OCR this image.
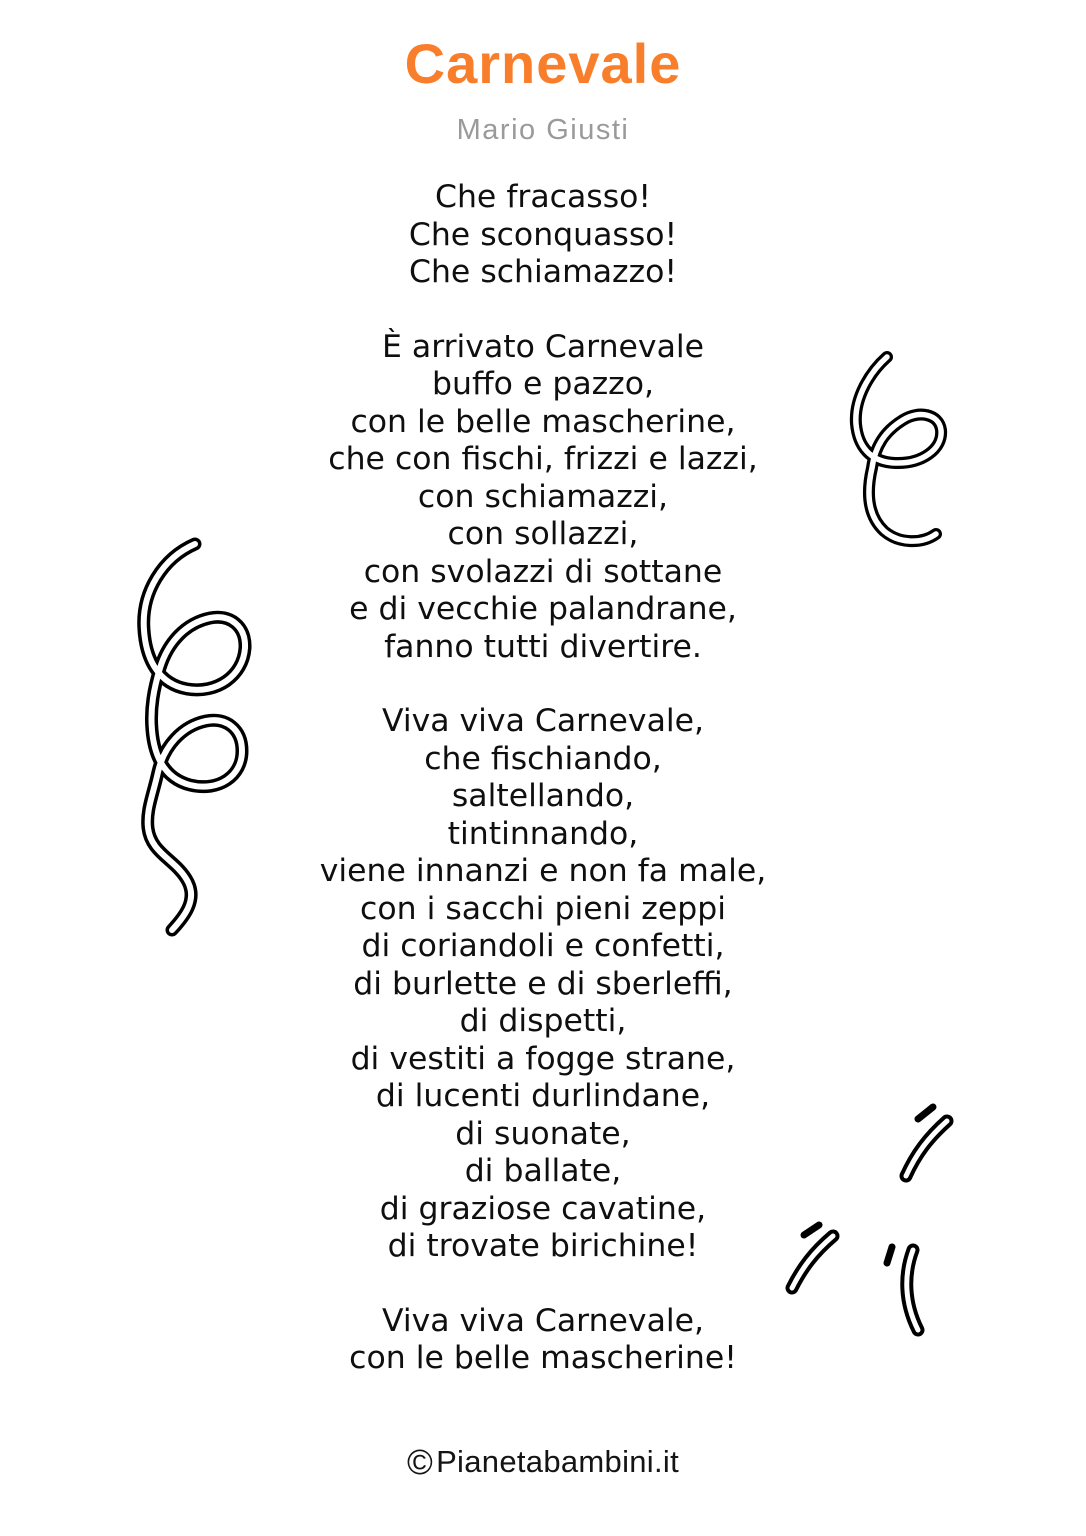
Carnevale
Mario Giusti

Che fracasso!

Che sconquasso!

Che schiamazzo!

È arrivato Carnevale

buffo e pazzo,

con le belle mascherine,

che con fischi, frizzi e lazzi,

con schiamazzi,

con sollazzi,

con svolazzi di sottane

e di vecchie palandrane,

fanno tutti divertire.

Viva viva Carnevale,

che fischiando,

saltellando,

tintinnando,

viene innanzi e non fa male,

con i sacchi pieni zeppi

di coriandoli e confetti,

di burlette e di sberleffi,

di dispetti,

di vestiti a fogge strane,

di lucenti durlindane,

di suonate,

di ballate,

di graziose cavatine,

di trovate birichine!

Viva viva Carnevale,

con le belle mascherine!

©Pianetabambini.it
